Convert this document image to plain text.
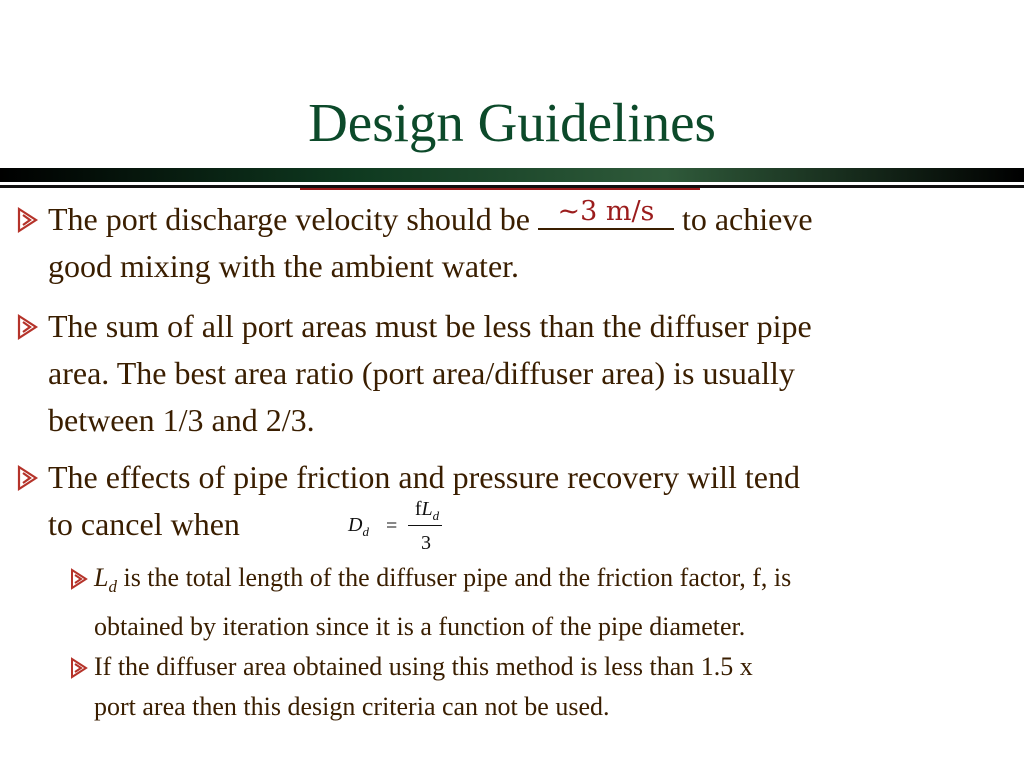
Design Guidelines
The port discharge velocity should be ~3 m/s to achieve
good mixing with the ambient water.
The sum of all port areas must be less than the diffuser pipe
area. The best area ratio (port area/diffuser area) is usually
between 1/3 and 2/3.
The effects of pipe friction and pressure recovery will tend
to cancel when	$D_d$ =
$fL_d$
3
$L_d$ is the total length of the diffuser pipe and the friction factor, f, is
obtained by iteration since it is a function of the pipe diameter.
If the diffuser area obtained using this method is less than 1.5 x
port area then this design criteria can not be used.
